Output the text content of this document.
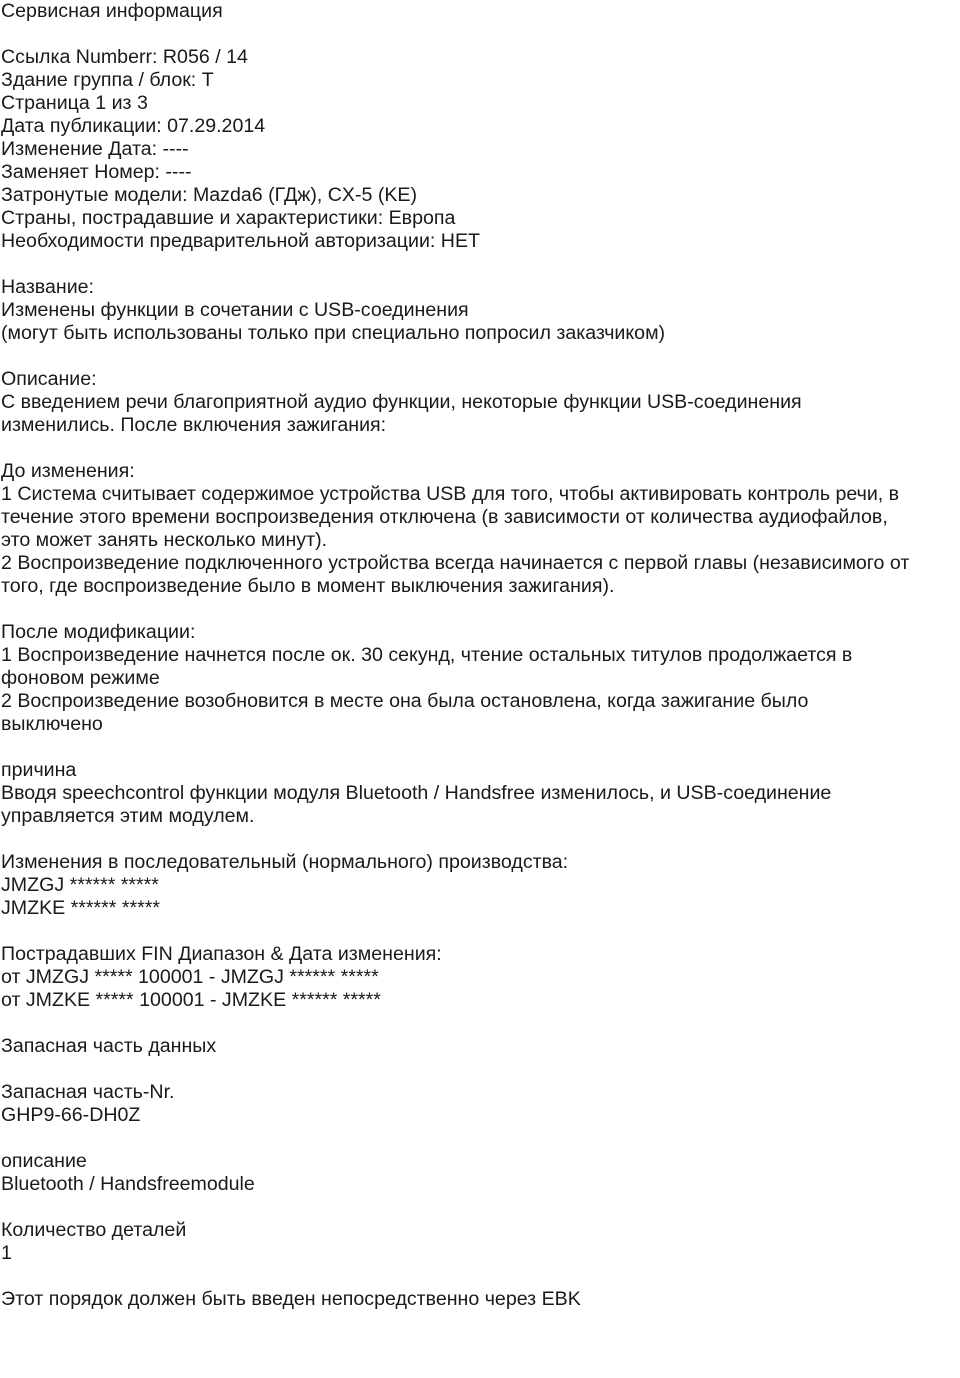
Сервисная информация
Ссылка Numberr: R056 / 14
Здание группа / блок: T
Страница 1 из 3
Дата публикации: 07.29.2014
Изменение Дата: ----
Заменяет Номер: ----
Затронутые модели: Mazda6 (ГДж), CX-5 (KE)
Страны, пострадавшие и характеристики: Европа
Необходимости предварительной авторизации: НЕТ
Название:
Изменены функции в сочетании с USB-соединения
(могут быть использованы только при специально попросил заказчиком)
Описание:
С введением речи благоприятной аудио функции, некоторые функции USB-соединения
изменились. После включения зажигания:
До изменения:
1 Система считывает содержимое устройства USB для того, чтобы активировать контроль речи, в
течение этого времени воспроизведения отключена (в зависимости от количества аудиофайлов,
это может занять несколько минут).
2 Воспроизведение подключенного устройства всегда начинается с первой главы (независимого от
того, где воспроизведение было в момент выключения зажигания).
После модификации:
1 Воспроизведение начнется после ок. 30 секунд, чтение остальных титулов продолжается в
фоновом режиме
2 Воспроизведение возобновится в месте она была остановлена, когда зажигание было
выключено
причина
Вводя speechcontrol функции модуля Bluetooth / Handsfree изменилось, и USB-соединение
управляется этим модулем.
Изменения в последовательный (нормального) производства:
JMZGJ ****** *****
JMZKE ****** *****
Пострадавших FIN Диапазон & Дата изменения:
от JMZGJ ***** 100001 - JMZGJ ****** *****
от JMZKE ***** 100001 - JMZKE ****** *****
Запасная часть данных
Запасная часть-Nr.
GHP9-66-DH0Z
описание
Bluetooth / Handsfreemodule
Количество деталей
1
Этот порядок должен быть введен непосредственно через EBK
